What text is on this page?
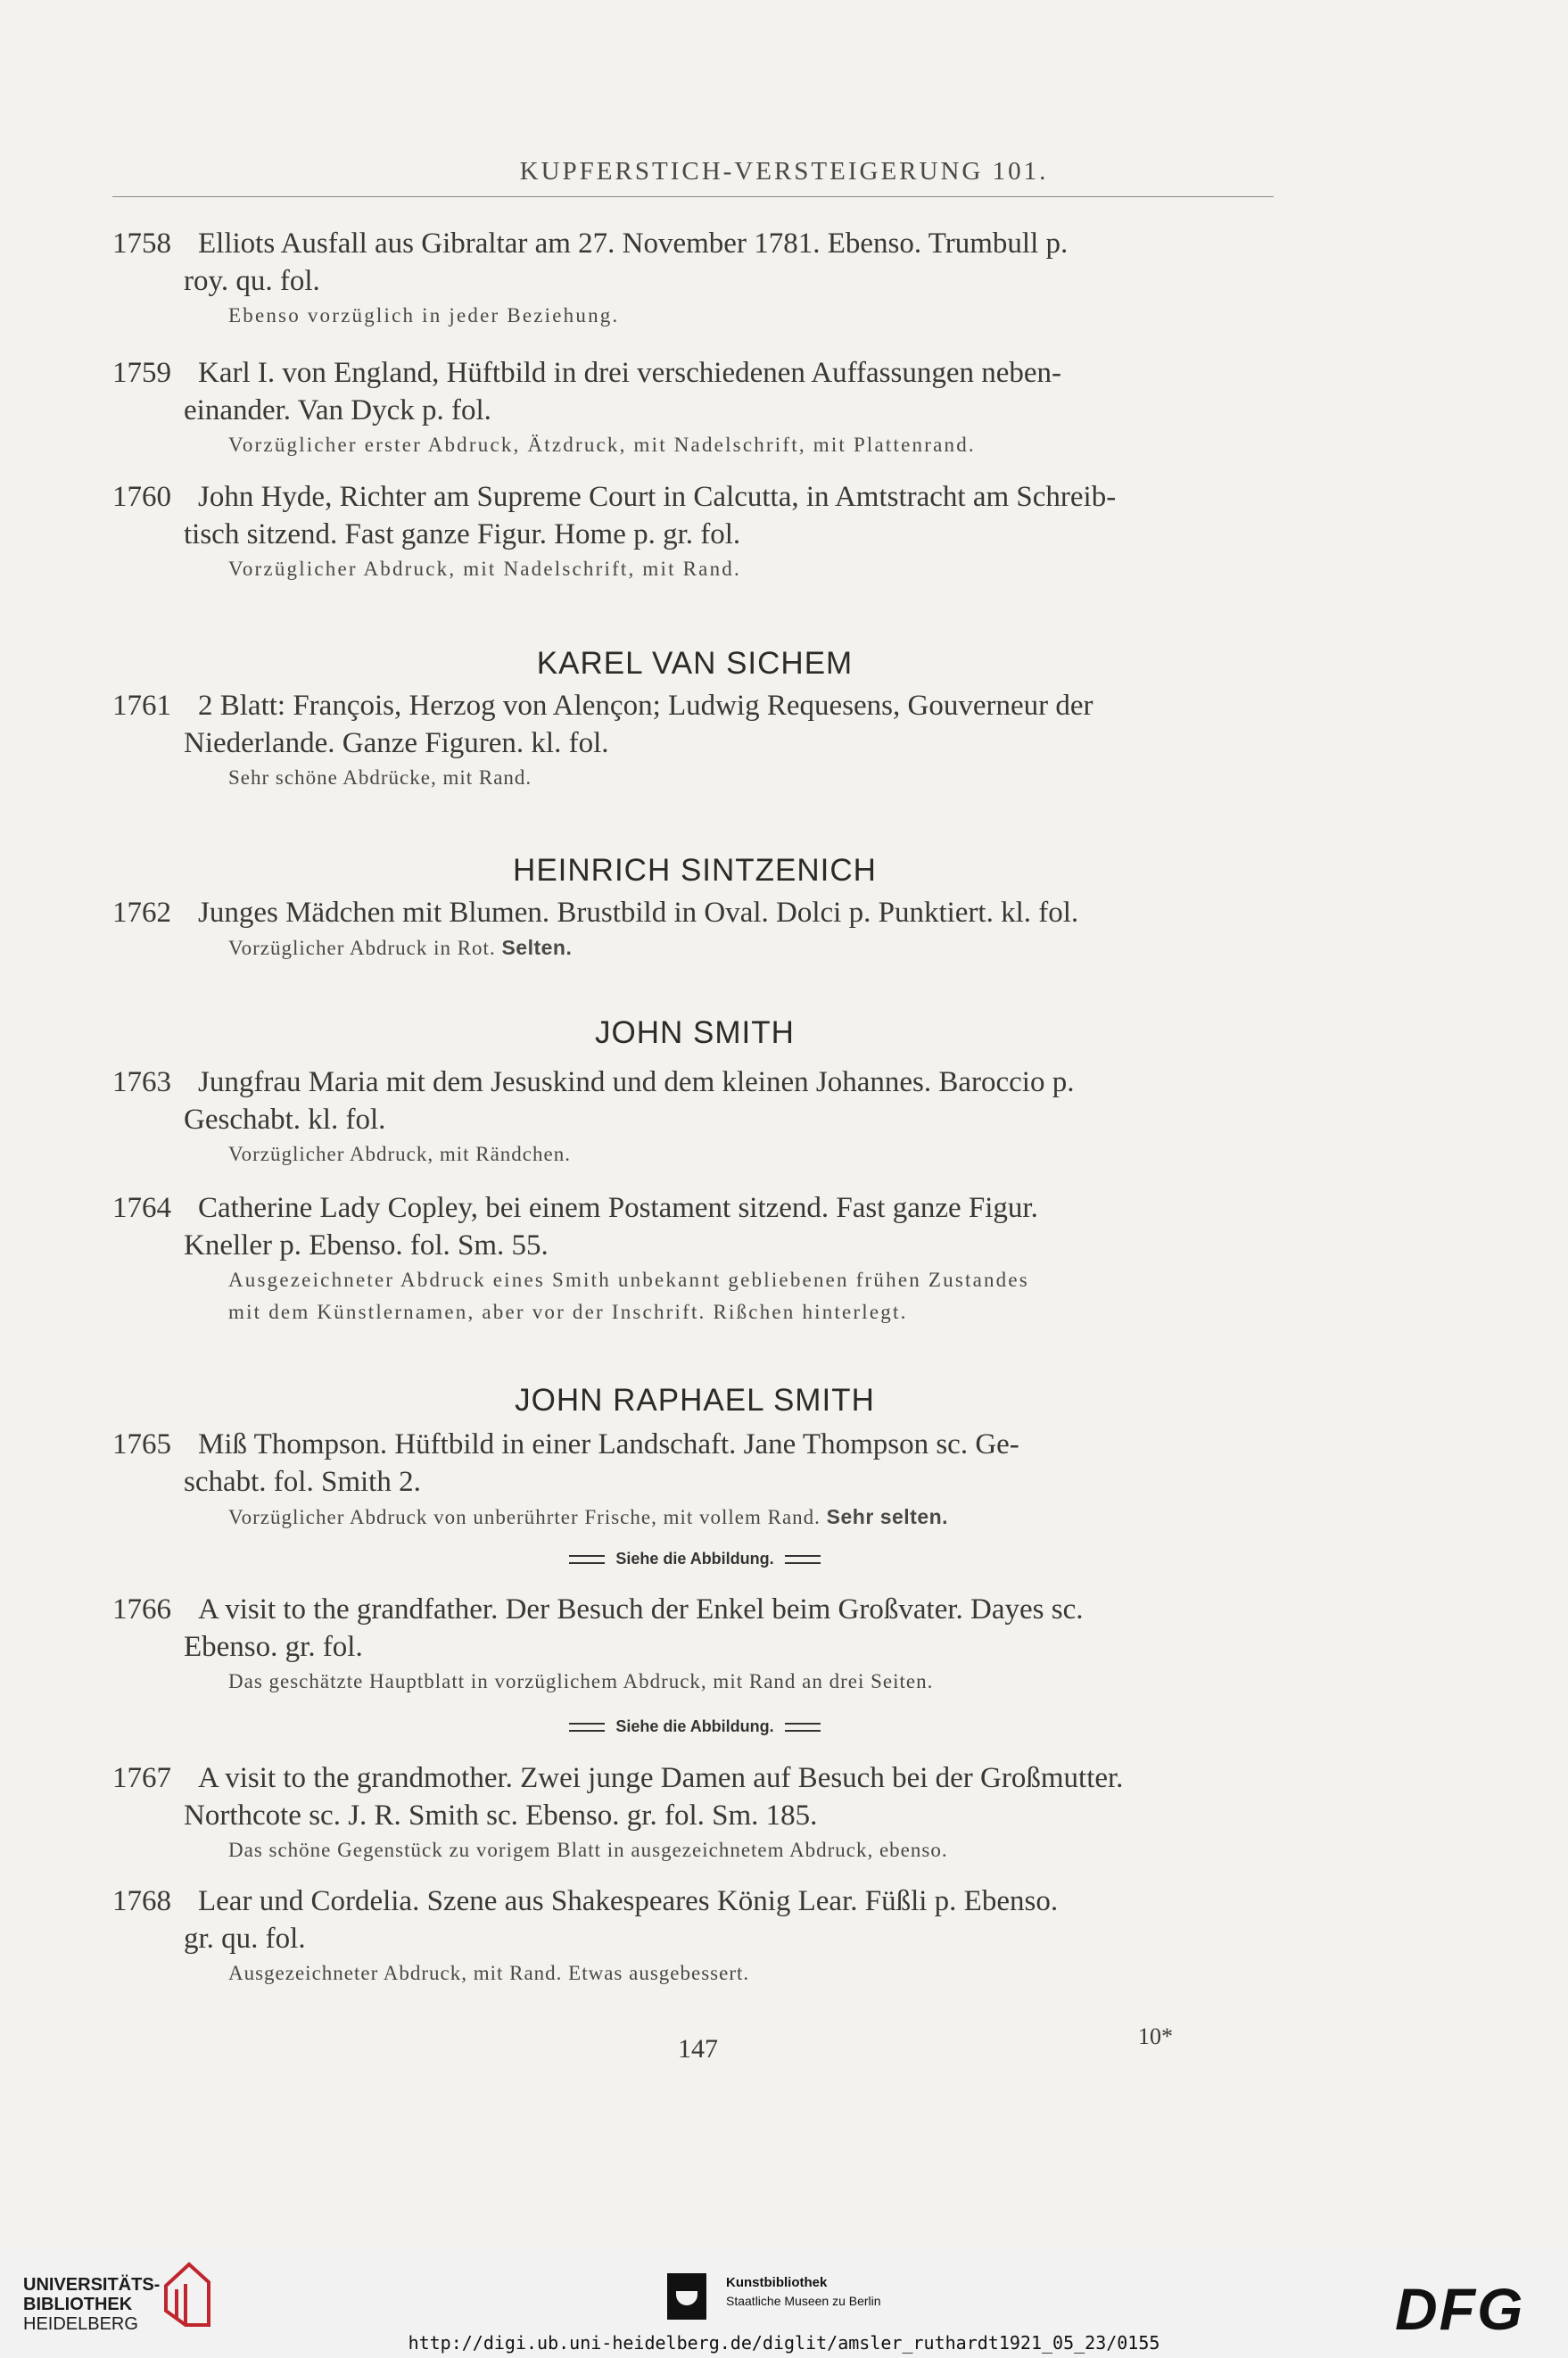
KUPFERSTICH-VERSTEIGERUNG 101.
1758 Elliots Ausfall aus Gibraltar am 27. November 1781. Ebenso. Trumbull p.
roy. qu. fol.
Ebenso vorzüglich in jeder Beziehung.
1759 Karl I. von England, Hüftbild in drei verschiedenen Auffassungen neben-
einander. Van Dyck p. fol.
Vorzüglicher erster Abdruck, Ätzdruck, mit Nadelschrift, mit Plattenrand.
1760 John Hyde, Richter am Supreme Court in Calcutta, in Amtstracht am Schreib-
tisch sitzend. Fast ganze Figur. Home p. gr. fol.
Vorzüglicher Abdruck, mit Nadelschrift, mit Rand.
KAREL VAN SICHEM
1761 2 Blatt: François, Herzog von Alençon; Ludwig Requesens, Gouverneur der
Niederlande. Ganze Figuren. kl. fol.
Sehr schöne Abdrücke, mit Rand.
HEINRICH SINTZENICH
1762 Junges Mädchen mit Blumen. Brustbild in Oval. Dolci p. Punktiert. kl. fol.
Vorzüglicher Abdruck in Rot. Selten.
JOHN SMITH
1763 Jungfrau Maria mit dem Jesuskind und dem kleinen Johannes. Baroccio p.
Geschabt. kl. fol.
Vorzüglicher Abdruck, mit Rändchen.
1764 Catherine Lady Copley, bei einem Postament sitzend. Fast ganze Figur.
Kneller p. Ebenso. fol. Sm. 55.
Ausgezeichneter Abdruck eines Smith unbekannt gebliebenen frühen Zustandes
mit dem Künstlernamen, aber vor der Inschrift. Rißchen hinterlegt.
JOHN RAPHAEL SMITH
1765 Miß Thompson. Hüftbild in einer Landschaft. Jane Thompson sc. Ge-
schabt. fol. Smith 2.
Vorzüglicher Abdruck von unberührter Frische, mit vollem Rand. Sehr selten.
Siehe die Abbildung.
1766 A visit to the grandfather. Der Besuch der Enkel beim Großvater. Dayes sc.
Ebenso. gr. fol.
Das geschätzte Hauptblatt in vorzüglichem Abdruck, mit Rand an drei Seiten.
Siehe die Abbildung.
1767 A visit to the grandmother. Zwei junge Damen auf Besuch bei der Großmutter.
Northcote sc. J. R. Smith sc. Ebenso. gr. fol. Sm. 185.
Das schöne Gegenstück zu vorigem Blatt in ausgezeichnetem Abdruck, ebenso.
1768 Lear und Cordelia. Szene aus Shakespeares König Lear. Füßli p. Ebenso.
gr. qu. fol.
Ausgezeichneter Abdruck, mit Rand. Etwas ausgebessert.
147	10*
UNIVERSITÄTS-
BIBLIOTHEK
HEIDELBERG
Kunstbibliothek
Staatliche Museen zu Berlin	DFG
http://digi.ub.uni-heidelberg.de/diglit/amsler_ruthardt1921_05_23/0155
